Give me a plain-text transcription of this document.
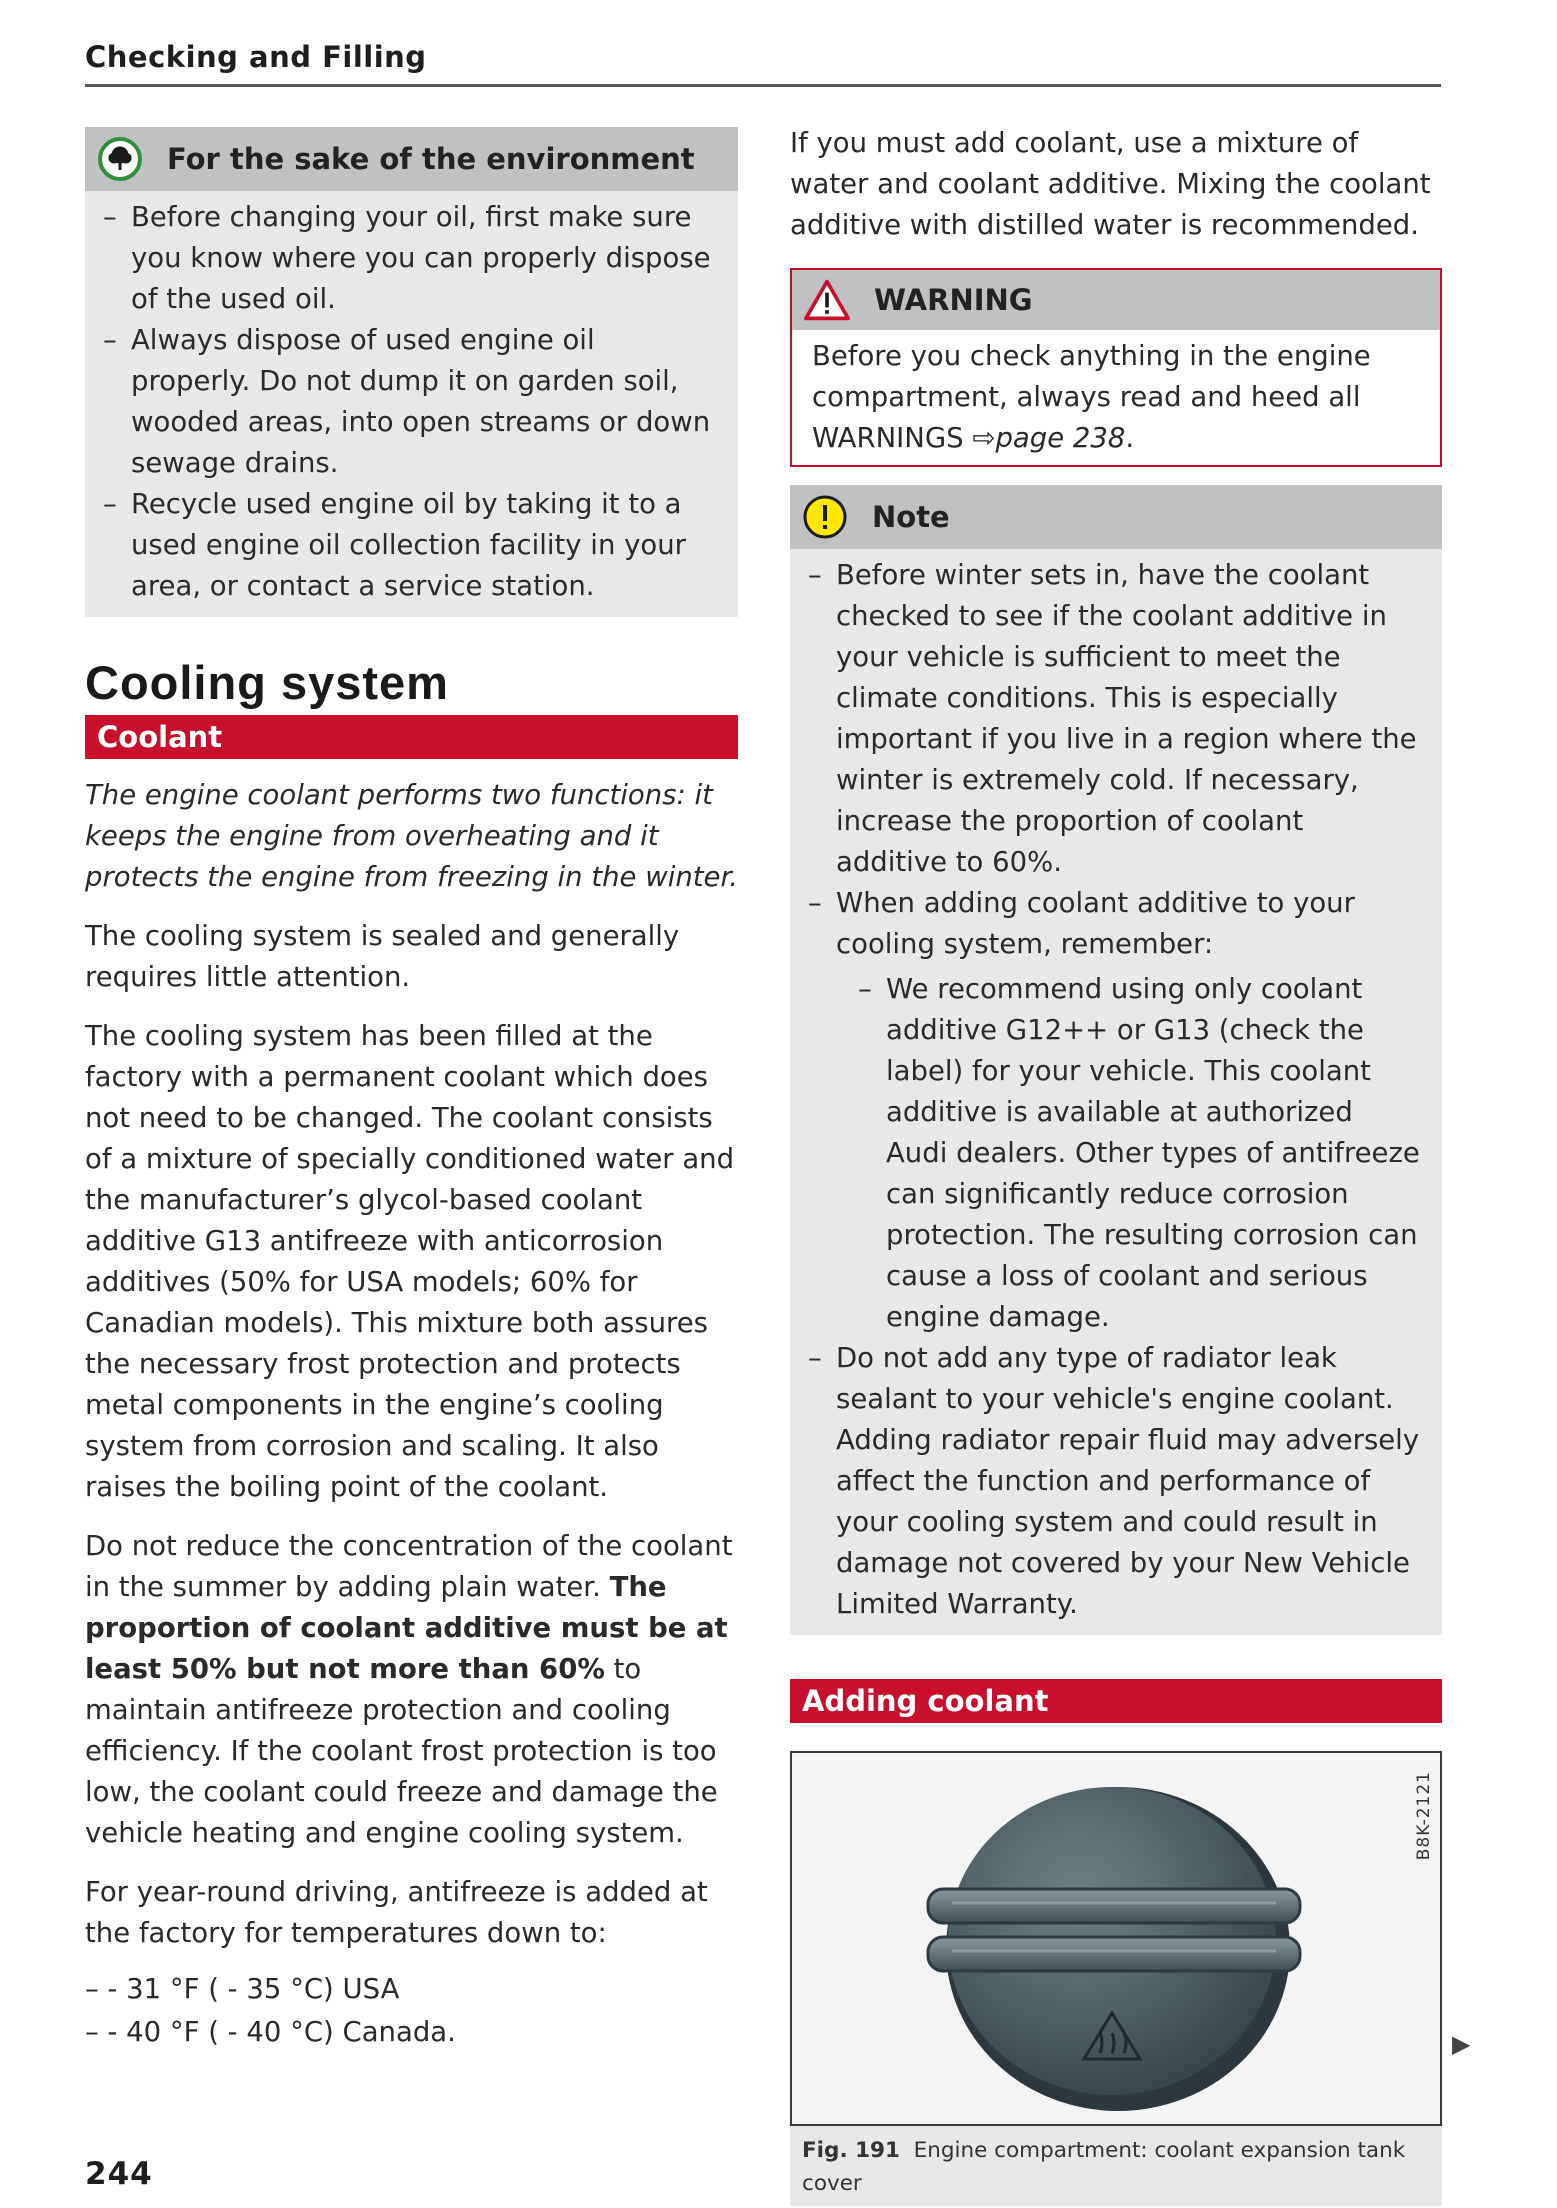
Checking and Filling
For the sake of the environment
– Before changing your oil, first make sure you know where you can properly dispose of the used oil.
– Always dispose of used engine oil properly. Do not dump it on garden soil, wooded areas, into open streams or down sewage drains.
– Recycle used engine oil by taking it to a used engine oil collection facility in your area, or contact a service station.
Cooling system
Coolant

The engine coolant performs two functions: it keeps the engine from overheating and it protects the engine from freezing in the winter.

The cooling system is sealed and generally requires little attention.

The cooling system has been filled at the factory with a permanent coolant which does not need to be changed. The coolant consists of a mixture of specially conditioned water and the manufacturer’s glycol-based coolant additive G13 antifreeze with anticorrosion additives (50% for USA models; 60% for Canadian models). This mixture both assures the necessary frost protection and protects metal components in the engine’s cooling system from corrosion and scaling. It also raises the boiling point of the coolant.

Do not reduce the concentration of the coolant in the summer by adding plain water. The proportion of coolant additive must be at least 50% but not more than 60% to maintain antifreeze protection and cooling efficiency. If the coolant frost protection is too low, the coolant could freeze and damage the vehicle heating and engine cooling system.

For year-round driving, antifreeze is added at the factory for temperatures down to:

– - 31 °F ( - 35 °C) USA
– - 40 °F ( - 40 °C) Canada.

If you must add coolant, use a mixture of water and coolant additive. Mixing the coolant additive with distilled water is recommended.

WARNING
Before you check anything in the engine compartment, always read and heed all WARNINGS ⇨page 238.
Note
– Before winter sets in, have the coolant checked to see if the coolant additive in your vehicle is sufficient to meet the climate conditions. This is especially important if you live in a region where the winter is extremely cold. If necessary, increase the proportion of coolant additive to 60%.
– When adding coolant additive to your cooling system, remember:
– We recommend using only coolant additive G12++ or G13 (check the label) for your vehicle. This coolant additive is available at authorized Audi dealers. Other types of antifreeze can significantly reduce corrosion protection. The resulting corrosion can cause a loss of coolant and serious engine damage.
– Do not add any type of radiator leak sealant to your vehicle's engine coolant. Adding radiator repair fluid may adversely affect the function and performance of your cooling system and could result in damage not covered by your New Vehicle Limited Warranty.
Adding coolant
B8K-2121
Fig. 191 Engine compartment: coolant expansion tank cover
▶
244
